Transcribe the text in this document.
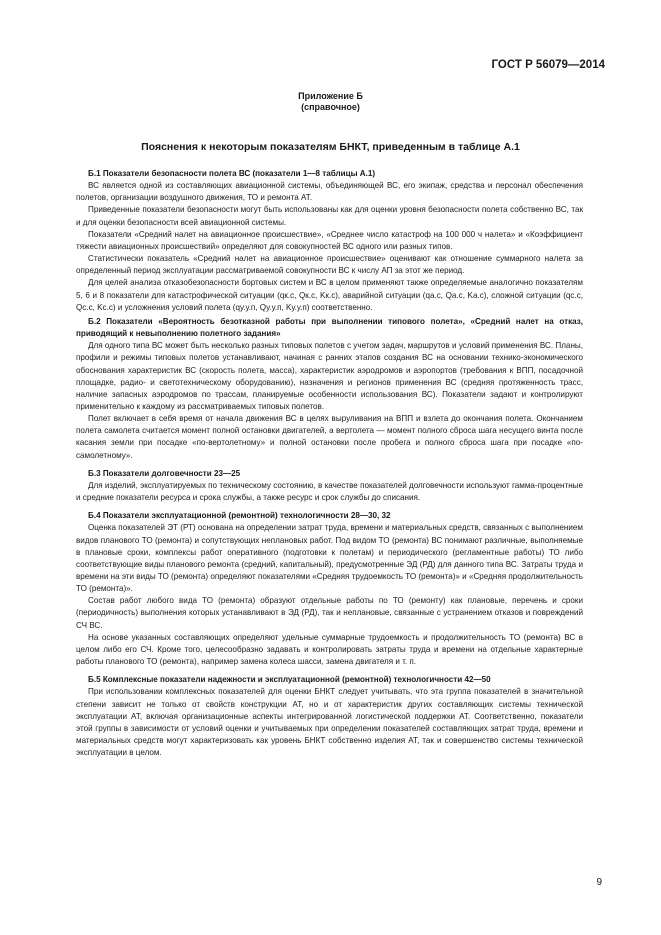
ГОСТ Р 56079—2014
Приложение Б
(справочное)
Пояснения к некоторым показателям БНКТ, приведенным в таблице А.1
Б.1 Показатели безопасности полета ВС (показатели 1—8 таблицы А.1)

ВС является одной из составляющих авиационной системы, объединяющей ВС, его экипаж, средства и персонал обеспечения полетов, организации воздушного движения, ТО и ремонта АТ.

Приведенные показатели безопасности могут быть использованы как для оценки уровня безопасности полета собственно ВС, так и для оценки безопасности всей авиационной системы.

Показатели «Средний налет на авиационное происшествие», «Среднее число катастроф на 100 000 ч налета» и «Коэффициент тяжести авиационных происшествий» определяют для совокупностей ВС одного или разных типов.

Статистически показатель «Средний налет на авиационное происшествие» оценивают как отношение суммарного налета за определенный период эксплуатации рассматриваемой совокупности ВС к числу АП за этот же период.

Для целей анализа отказобезопасности бортовых систем и ВС в целом применяют также определяемые аналогично показателям 5, 6 и 8 показатели для катастрофической ситуации (qк.с, Qк.с, Kк.с), аварийной ситуации (qа.с, Qа.с, Kа.с), сложной ситуации (qс.с, Qс.с, Kс.с) и усложнения условий полета (qу.у.п, Qу.у.п, Kу.у.п) соответственно.

Б.2 Показатели «Вероятность безотказной работы при выполнении типового полета», «Средний налет на отказ, приводящий к невыполнению полетного задания»

Для одного типа ВС может быть несколько разных типовых полетов с учетом задач, маршрутов и условий применения ВС. Планы, профили и режимы типовых полетов устанавливают, начиная с ранних этапов создания ВС на основании технико-экономического обоснования характеристик ВС (скорость полета, масса), характеристик аэродромов и аэропортов (требования к ВПП, посадочной площадке, радио- и светотехническому оборудованию), назначения и регионов применения ВС (средняя протяженность трасс, наличие запасных аэродромов по трассам, планируемые особенности использования ВС). Показатели задают и контролируют применительно к каждому из рассматриваемых типовых полетов.

Полет включает в себя время от начала движения ВС в целях выруливания на ВПП и взлета до окончания полета. Окончанием полета самолета считается момент полной остановки двигателей, а вертолета — момент полного сброса шага несущего винта после касания земли при посадке «по-вертолетному» и полной остановки после пробега и полного сброса шага при посадке «по-самолетному».

Б.3 Показатели долговечности 23—25

Для изделий, эксплуатируемых по техническому состоянию, в качестве показателей долговечности используют гамма-процентные и средние показатели ресурса и срока службы, а также ресурс и срок службы до списания.

Б.4 Показатели эксплуатационной (ремонтной) технологичности 28—30, 32

Оценка показателей ЭТ (РТ) основана на определении затрат труда, времени и материальных средств, связанных с выполнением видов планового ТО (ремонта) и сопутствующих неплановых работ. Под видом ТО (ремонта) ВС понимают различные, выполняемые в плановые сроки, комплексы работ оперативного (подготовки к полетам) и периодического (регламентные работы) ТО либо соответствующие виды планового ремонта (средний, капитальный), предусмотренные ЭД (РД) для данного типа ВС. Затраты труда и времени на эти виды ТО (ремонта) определяют показателями «Средняя трудоемкость ТО (ремонта)» и «Средняя продолжительность ТО (ремонта)».

Состав работ любого вида ТО (ремонта) образуют отдельные работы по ТО (ремонту) как плановые, перечень и сроки (периодичность) выполнения которых устанавливают в ЭД (РД), так и неплановые, связанные с устранением отказов и повреждений СЧ ВС.

На основе указанных составляющих определяют удельные суммарные трудоемкость и продолжительность ТО (ремонта) ВС в целом либо его СЧ. Кроме того, целесообразно задавать и контролировать затраты труда и времени на отдельные характерные работы планового ТО (ремонта), например замена колеса шасси, замена двигателя и т. п.

Б.5 Комплексные показатели надежности и эксплуатационной (ремонтной) технологичности 42—50

При использовании комплексных показателей для оценки БНКТ следует учитывать, что эта группа показателей в значительной степени зависит не только от свойств конструкции АТ, но и от характеристик других составляющих системы технической эксплуатации АТ, включая организационные аспекты интегрированной логистической поддержки АТ. Соответственно, показатели этой группы в зависимости от условий оценки и учитываемых при определении показателей составляющих затрат труда, времени и материальных средств могут характеризовать как уровень БНКТ собственно изделия АТ, так и совершенство системы технической эксплуатации в целом.

9
